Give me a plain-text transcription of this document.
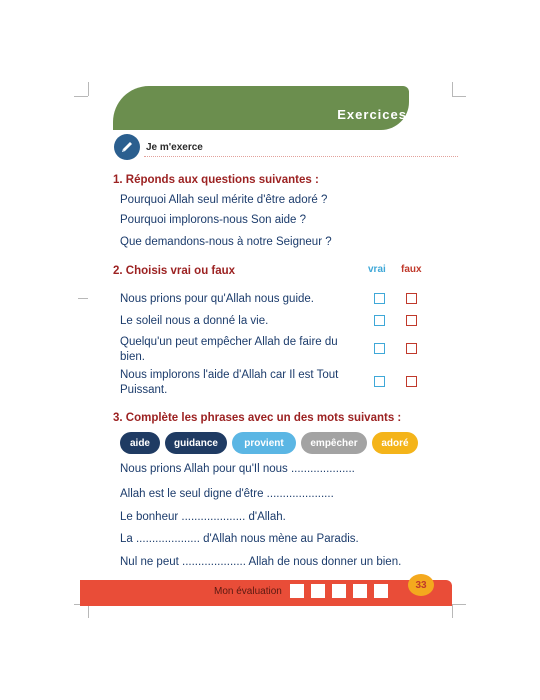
Exercices
Je m'exerce
1. Réponds aux questions suivantes :
Pourquoi Allah seul mérite d'être adoré ?
Pourquoi implorons-nous Son aide ?
Que demandons-nous à notre Seigneur ?
2. Choisis vrai ou faux	vrai faux
Nous prions pour qu'Allah nous guide.
Le soleil nous a donné la vie.
Quelqu'un peut empêcher Allah de faire du bien.
Nous implorons l'aide d'Allah car Il est Tout Puissant.
3. Complète les phrases avec un des mots suivants :
aide	guidance	provient	empêcher	adoré
Nous prions Allah pour qu'Il nous ....................
Allah est le seul digne d'être .....................
Le bonheur .................... d'Allah.
La .................... d'Allah nous mène au Paradis.
Nul ne peut .................... Allah de nous donner un bien.
Mon évaluation
33
